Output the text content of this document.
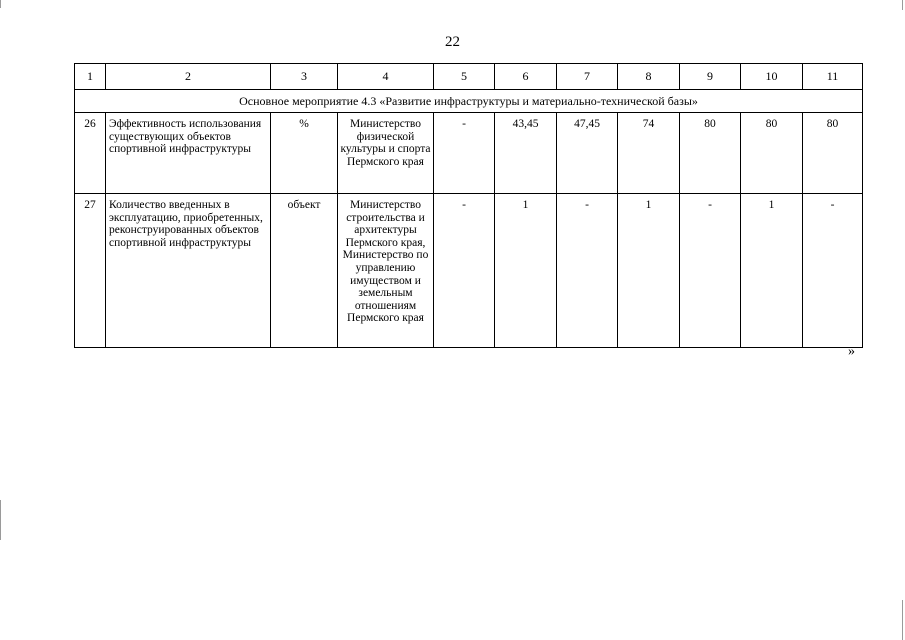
22
1	2	3	4	5	6	7	8	9	10	11
Основное мероприятие 4.3 «Развитие инфраструктуры и материально-технической базы»										
26	Эффективность использования существующих объектов спортивной инфраструктуры	%	Министерство физической культуры и спорта Пермского края	-	43,45	47,45	74	80	80	80
27	Количество введенных в эксплуатацию, приобретенных, реконструированных объектов спортивной инфраструктуры	объект	Министерство строительства и архитектуры Пермского края, Министерство по управлению имуществом и земельным отношениям Пермского края	-	1	-	1	-	1	-
»
